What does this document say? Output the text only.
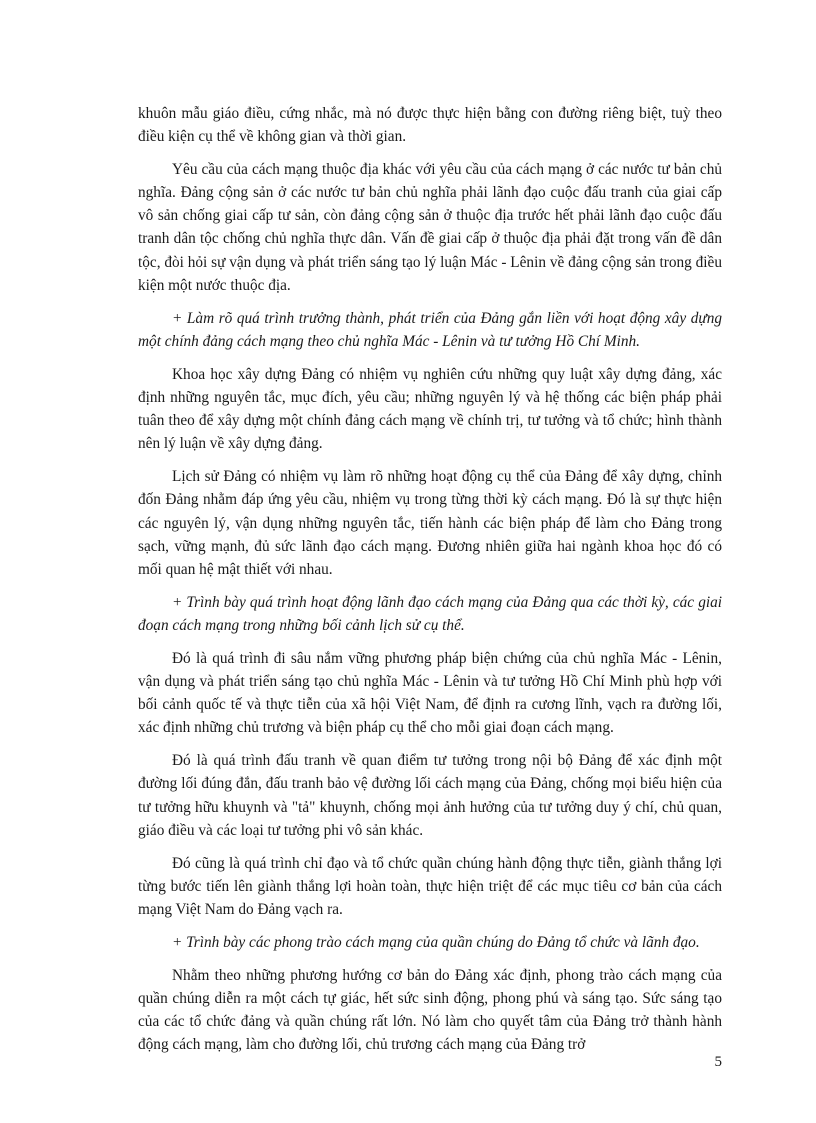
khuôn mẫu giáo điều, cứng nhắc, mà nó được thực hiện bằng con đường riêng biệt, tuỳ theo điều kiện cụ thể về không gian và thời gian.

Yêu cầu của cách mạng thuộc địa khác với yêu cầu của cách mạng ở các nước tư bản chủ nghĩa. Đảng cộng sản ở các nước tư bản chủ nghĩa phải lãnh đạo cuộc đấu tranh của giai cấp vô sản chống giai cấp tư sản, còn đảng cộng sản ở thuộc địa trước hết phải lãnh đạo cuộc đấu tranh dân tộc chống chủ nghĩa thực dân. Vấn đề giai cấp ở thuộc địa phải đặt trong vấn đề dân tộc, đòi hỏi sự vận dụng và phát triển sáng tạo lý luận Mác - Lênin về đảng cộng sản trong điều kiện một nước thuộc địa.

+ Làm rõ quá trình trưởng thành, phát triển của Đảng gắn liền với hoạt động xây dựng một chính đảng cách mạng theo chủ nghĩa Mác - Lênin và tư tưởng Hồ Chí Minh.

Khoa học xây dựng Đảng có nhiệm vụ nghiên cứu những quy luật xây dựng đảng, xác định những nguyên tắc, mục đích, yêu cầu; những nguyên lý và hệ thống các biện pháp phải tuân theo để xây dựng một chính đảng cách mạng về chính trị, tư tưởng và tổ chức; hình thành nên lý luận về xây dựng đảng.

Lịch sử Đảng có nhiệm vụ làm rõ những hoạt động cụ thể của Đảng để xây dựng, chỉnh đốn Đảng nhằm đáp ứng yêu cầu, nhiệm vụ trong từng thời kỳ cách mạng. Đó là sự thực hiện các nguyên lý, vận dụng những nguyên tắc, tiến hành các biện pháp để làm cho Đảng trong sạch, vững mạnh, đủ sức lãnh đạo cách mạng. Đương nhiên giữa hai ngành khoa học đó có mối quan hệ mật thiết với nhau.

+ Trình bày quá trình hoạt động lãnh đạo cách mạng của Đảng qua các thời kỳ, các giai đoạn cách mạng trong những bối cảnh lịch sử cụ thể.

Đó là quá trình đi sâu nắm vững phương pháp biện chứng của chủ nghĩa Mác - Lênin, vận dụng và phát triển sáng tạo chủ nghĩa Mác - Lênin và tư tưởng Hồ Chí Minh phù hợp với bối cảnh quốc tế và thực tiễn của xã hội Việt Nam, để định ra cương lĩnh, vạch ra đường lối, xác định những chủ trương và biện pháp cụ thể cho mỗi giai đoạn cách mạng.

Đó là quá trình đấu tranh về quan điểm tư tưởng trong nội bộ Đảng để xác định một đường lối đúng đắn, đấu tranh bảo vệ đường lối cách mạng của Đảng, chống mọi biểu hiện của tư tưởng hữu khuynh và "tả" khuynh, chống mọi ảnh hưởng của tư tưởng duy ý chí, chủ quan, giáo điều và các loại tư tưởng phi vô sản khác.

Đó cũng là quá trình chỉ đạo và tổ chức quần chúng hành động thực tiễn, giành thắng lợi từng bước tiến lên giành thắng lợi hoàn toàn, thực hiện triệt để các mục tiêu cơ bản của cách mạng Việt Nam do Đảng vạch ra.

+ Trình bày các phong trào cách mạng của quần chúng do Đảng tổ chức và lãnh đạo.

Nhằm theo những phương hướng cơ bản do Đảng xác định, phong trào cách mạng của quần chúng diễn ra một cách tự giác, hết sức sinh động, phong phú và sáng tạo. Sức sáng tạo của các tổ chức đảng và quần chúng rất lớn. Nó làm cho quyết tâm của Đảng trở thành hành động cách mạng, làm cho đường lối, chủ trương cách mạng của Đảng trở

5
